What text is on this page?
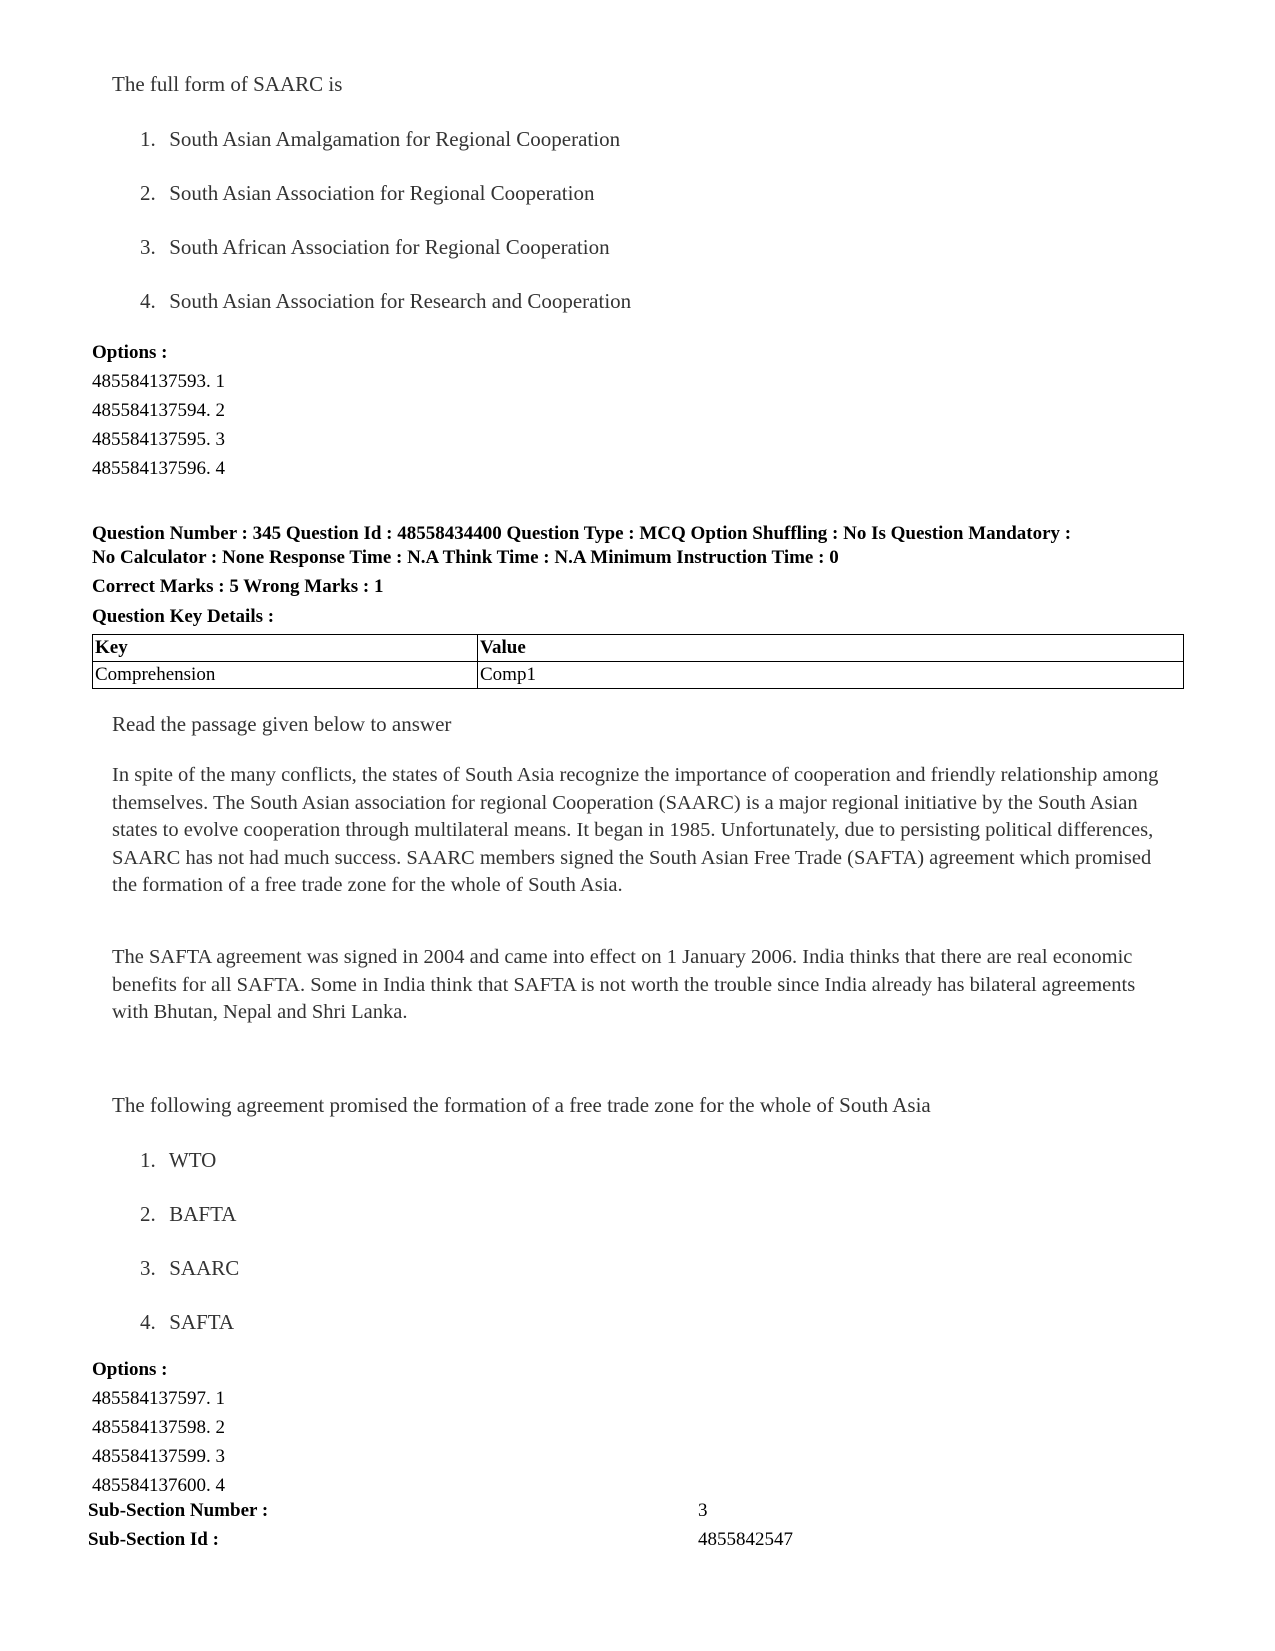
The full form of SAARC is
1. South Asian Amalgamation for Regional Cooperation
2. South Asian Association for Regional Cooperation
3. South African Association for Regional Cooperation
4. South Asian Association for Research and Cooperation
Options :
485584137593. 1
485584137594. 2
485584137595. 3
485584137596. 4
Question Number : 345 Question Id : 48558434400 Question Type : MCQ Option Shuffling : No Is Question Mandatory :
No Calculator : None Response Time : N.A Think Time : N.A Minimum Instruction Time : 0
Correct Marks : 5 Wrong Marks : 1
Question Key Details :
Key	Value
Comprehension	Comp1
Read the passage given below to answer
In spite of the many conflicts, the states of South Asia recognize the importance of cooperation and friendly relationship among themselves. The South Asian association for regional Cooperation (SAARC) is a major regional initiative by the South Asian states to evolve cooperation through multilateral means. It began in 1985. Unfortunately, due to persisting political differences, SAARC has not had much success. SAARC members signed the South Asian Free Trade (SAFTA) agreement which promised the formation of a free trade zone for the whole of South Asia.
The SAFTA agreement was signed in 2004 and came into effect on 1 January 2006. India thinks that there are real economic benefits for all SAFTA. Some in India think that SAFTA is not worth the trouble since India already has bilateral agreements with Bhutan, Nepal and Shri Lanka.
The following agreement promised the formation of a free trade zone for the whole of South Asia
1. WTO
2. BAFTA
3. SAARC
4. SAFTA
Options :
485584137597. 1
485584137598. 2
485584137599. 3
485584137600. 4
Sub-Section Number :	3
Sub-Section Id :	4855842547
